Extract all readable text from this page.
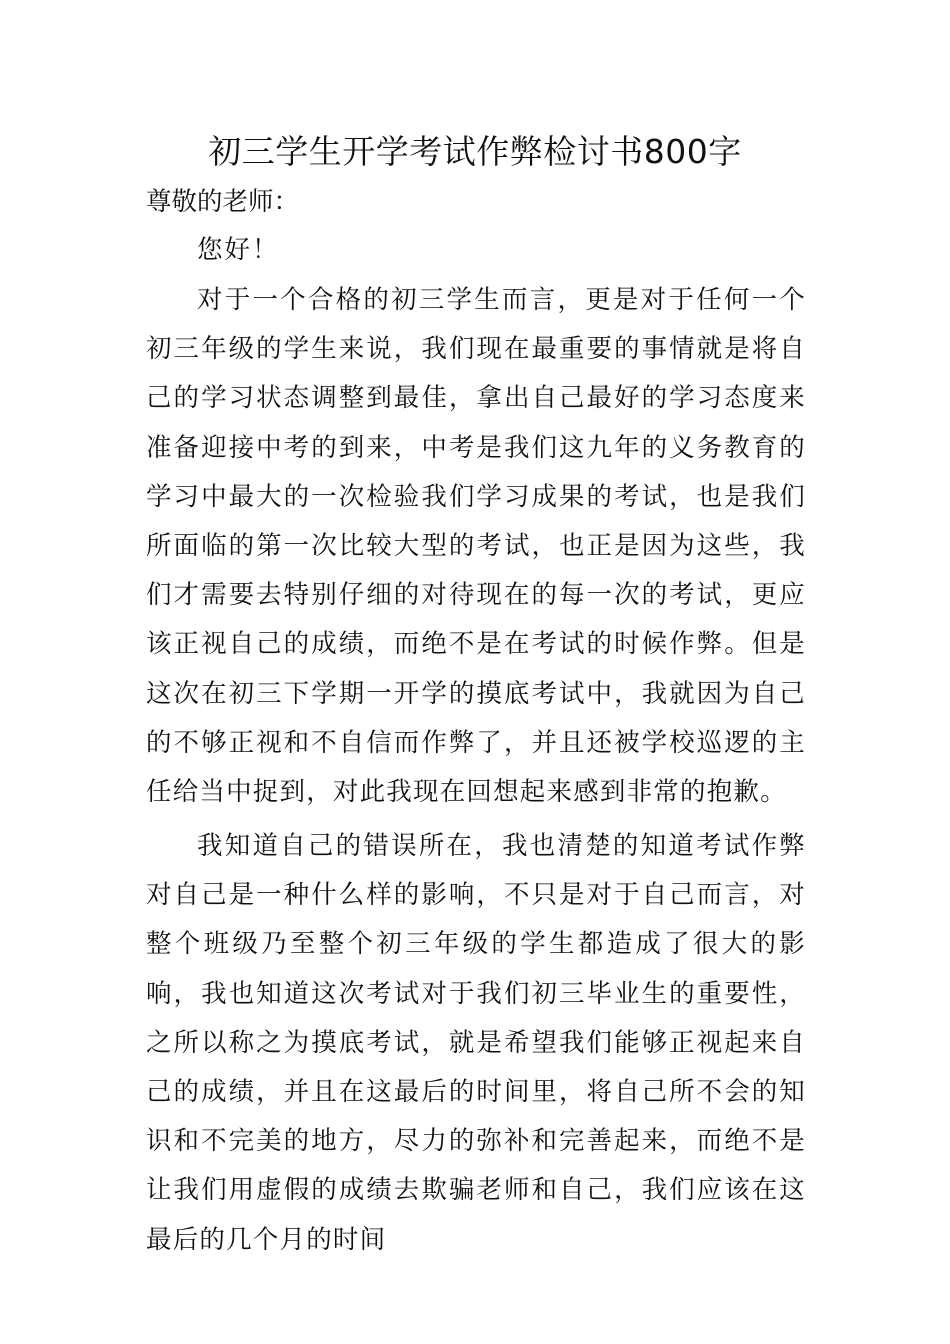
初三学生开学考试作弊检讨书800字

尊敬的老师：

您好！

对于一个合格的初三学生而言，更是对于任何一个初三年级的学生来说，我们现在最重要的事情就是将自己的学习状态调整到最佳，拿出自己最好的学习态度来准备迎接中考的到来，中考是我们这九年的义务教育的学习中最大的一次检验我们学习成果的考试，也是我们所面临的第一次比较大型的考试，也正是因为这些，我们才需要去特别仔细的对待现在的每一次的考试，更应该正视自己的成绩，而绝不是在考试的时候作弊。但是这次在初三下学期一开学的摸底考试中，我就因为自己的不够正视和不自信而作弊了，并且还被学校巡逻的主任给当中捉到，对此我现在回想起来感到非常的抱歉。

我知道自己的错误所在，我也清楚的知道考试作弊对自己是一种什么样的影响，不只是对于自己而言，对整个班级乃至整个初三年级的学生都造成了很大的影响，我也知道这次考试对于我们初三毕业生的重要性，之所以称之为摸底考试，就是希望我们能够正视起来自己的成绩，并且在这最后的时间里，将自己所不会的知识和不完美的地方，尽力的弥补和完善起来，而绝不是让我们用虚假的成绩去欺骗老师和自己，我们应该在这最后的几个月的时间
